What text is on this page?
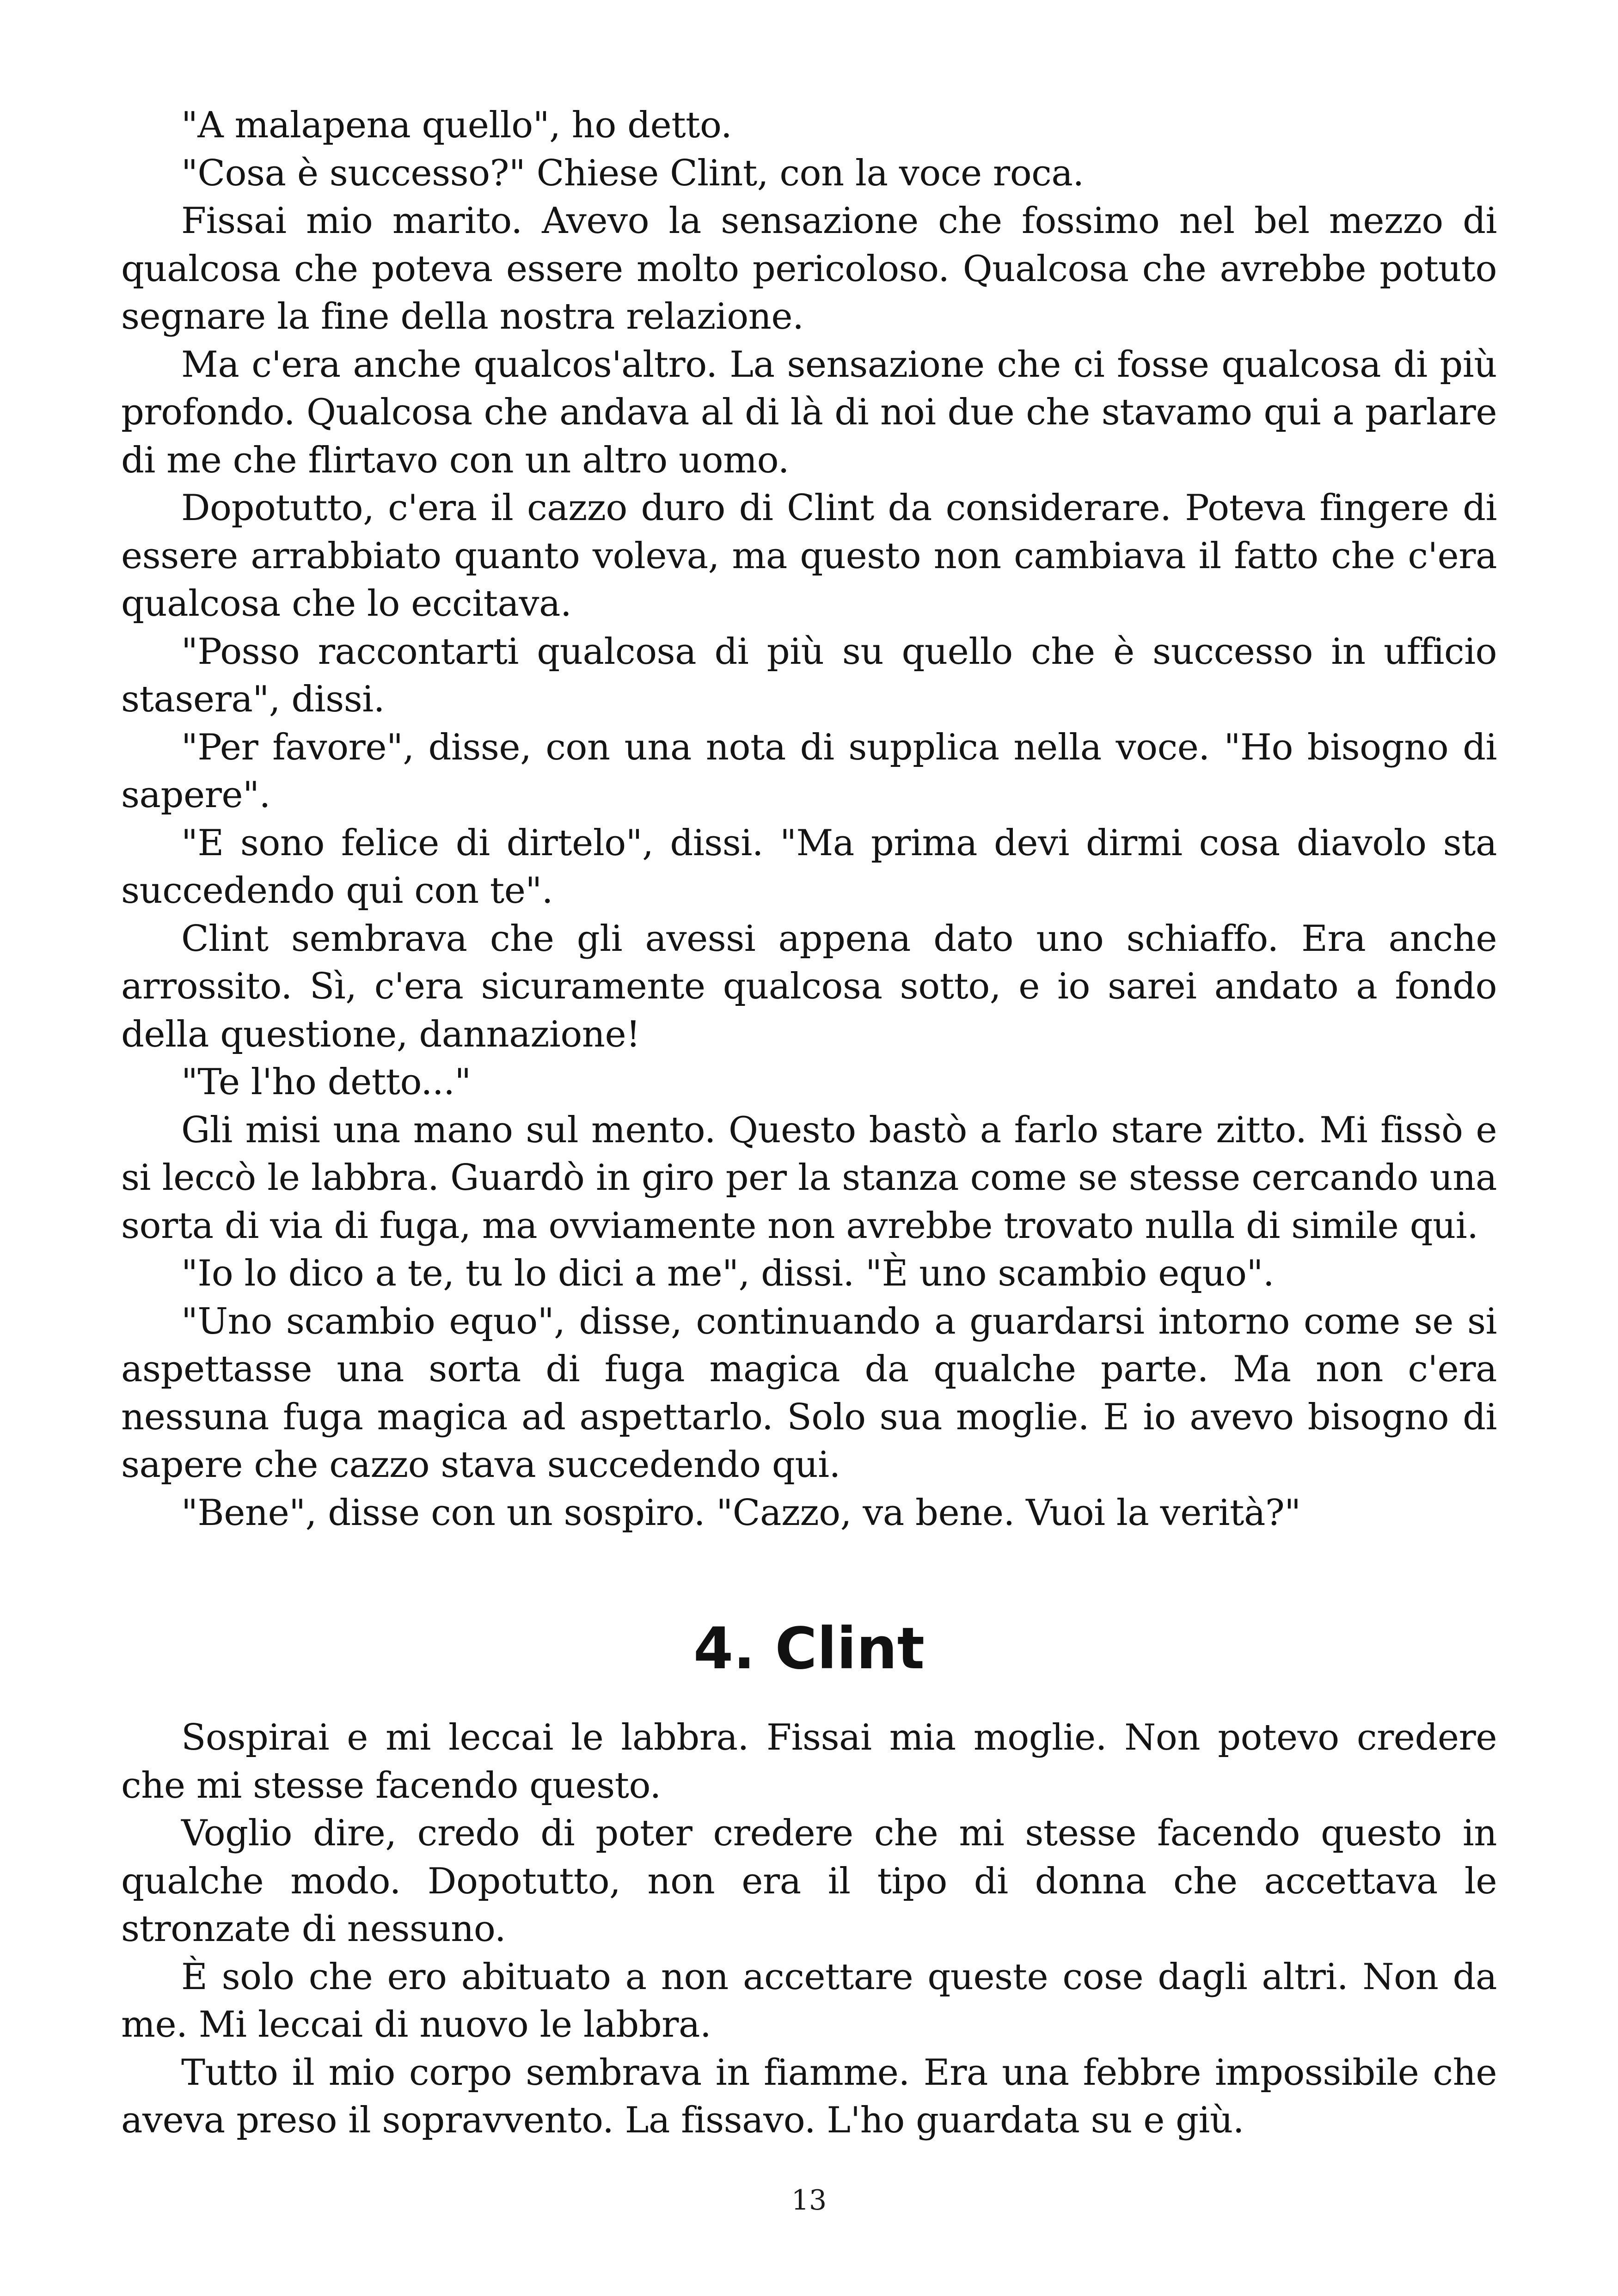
"A malapena quello", ho detto.

"Cosa è successo?" Chiese Clint, con la voce roca.

Fissai mio marito. Avevo la sensazione che fossimo nel bel mezzo di qualcosa che poteva essere molto pericoloso. Qualcosa che avrebbe potuto segnare la fine della nostra relazione.

Ma c'era anche qualcos'altro. La sensazione che ci fosse qualcosa di più profondo. Qualcosa che andava al di là di noi due che stavamo qui a parlare di me che flirtavo con un altro uomo.

Dopotutto, c'era il cazzo duro di Clint da considerare. Poteva fingere di essere arrabbiato quanto voleva, ma questo non cambiava il fatto che c'era qualcosa che lo eccitava.

"Posso raccontarti qualcosa di più su quello che è successo in ufficio stasera", dissi.

"Per favore", disse, con una nota di supplica nella voce. "Ho bisogno di sapere".

"E sono felice di dirtelo", dissi. "Ma prima devi dirmi cosa diavolo sta succedendo qui con te".

Clint sembrava che gli avessi appena dato uno schiaffo. Era anche arrossito. Sì, c'era sicuramente qualcosa sotto, e io sarei andato a fondo della questione, dannazione!

"Te l'ho detto..."

Gli misi una mano sul mento. Questo bastò a farlo stare zitto. Mi fissò e si leccò le labbra. Guardò in giro per la stanza come se stesse cercando una sorta di via di fuga, ma ovviamente non avrebbe trovato nulla di simile qui.

"Io lo dico a te, tu lo dici a me", dissi. "È uno scambio equo".

"Uno scambio equo", disse, continuando a guardarsi intorno come se si aspettasse una sorta di fuga magica da qualche parte. Ma non c'era nessuna fuga magica ad aspettarlo. Solo sua moglie. E io avevo bisogno di sapere che cazzo stava succedendo qui.

"Bene", disse con un sospiro. "Cazzo, va bene. Vuoi la verità?"

4. Clint

Sospirai e mi leccai le labbra. Fissai mia moglie. Non potevo credere che mi stesse facendo questo.

Voglio dire, credo di poter credere che mi stesse facendo questo in qualche modo. Dopotutto, non era il tipo di donna che accettava le stronzate di nessuno.

È solo che ero abituato a non accettare queste cose dagli altri. Non da me. Mi leccai di nuovo le labbra.

Tutto il mio corpo sembrava in fiamme. Era una febbre impossibile che aveva preso il sopravvento. La fissavo. L'ho guardata su e giù.

13
